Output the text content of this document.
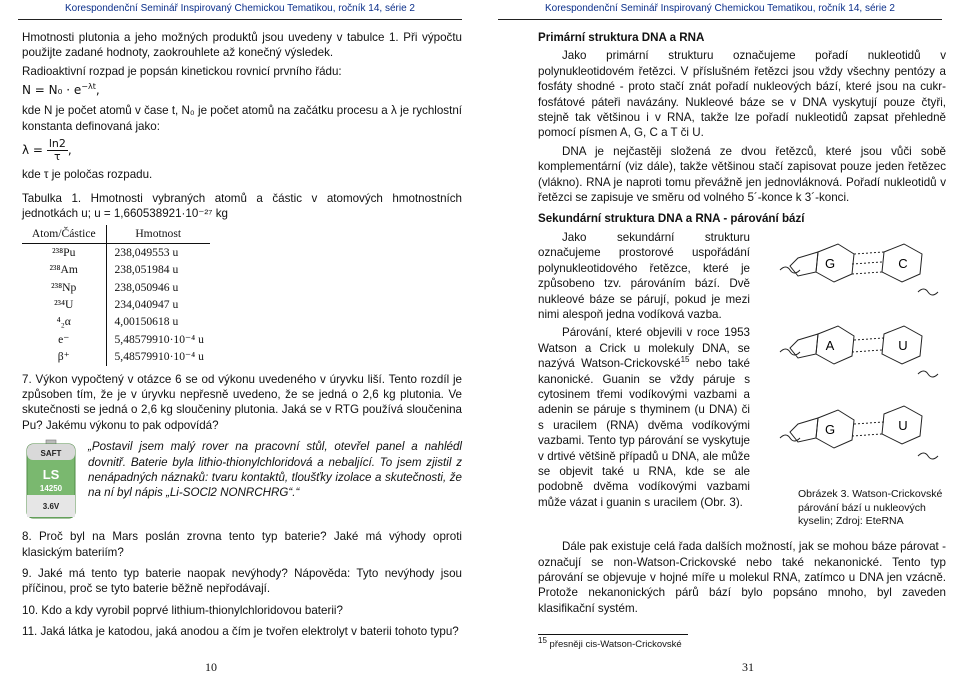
Korespondenční Seminář Inspirovaný Chemickou Tematikou, ročník 14, série 2

Hmotnosti plutonia a jeho možných produktů jsou uvedeny v tabulce 1. Při výpočtu použijte zadané hodnoty, zaokrouhlete až konečný výsledek.

Radioaktivní rozpad je popsán kinetickou rovnicí prvního řádu:

$N = N_0 \cdot e^{-\lambda t}$,

kde N je počet atomů v čase t, N₀ je počet atomů na začátku procesu a λ je rychlostní konstanta definovaná jako:

$\lambda = \frac{\ln 2}{\tau}$ ,

kde τ je poločas rozpadu.

Tabulka 1. Hmotnosti vybraných atomů a částic v atomových hmotnostních jednotkách u; u = 1,660538921·10⁻²⁷ kg

Atom/Částice	Hmotnost
²³⁸Pu	238,049553 u
²³⁸Am	238,051984 u
²³⁸Np	238,050946 u
²³⁴U	234,040947 u
⁴₂α	4,00150618 u
e⁻	5,48579910·10⁻⁴ u
β⁺	5,48579910·10⁻⁴ u

7. Výkon vypočtený v otázce 6 se od výkonu uvedeného v úryvku liší. Tento rozdíl je způsoben tím, že je v úryvku nepřesně uvedeno, že se jedná o 2,6 kg plutonia. Ve skutečnosti se jedná o 2,6 kg sloučeniny plutonia. Jaká se v RTG používá sloučenina Pu? Jakému výkonu to pak odpovídá?

SAFT
LS
14250
3.6V
„Postavil jsem malý rover na pracovní stůl, otevřel panel a nahlédl dovnitř. Baterie byla lithio-thionylchloridová a nebaljící. To jsem zjistil z nenápadných náznaků: tvaru kontaktů, tloušťky izolace a skutečnosti, že na ní byl nápis „Li-SOCl2 NONRCHRG“.“

8. Proč byl na Mars poslán zrovna tento typ baterie? Jaké má výhody oproti klasickým bateriím?

9. Jaké má tento typ baterie naopak nevýhody? Nápověda: Tyto nevýhody jsou příčinou, proč se tyto baterie běžně nepřodávají.

10. Kdo a kdy vyrobil poprvé lithium-thionylchloridovou baterii?

11. Jaká látka je katodou, jaká anodou a čím je tvořen elektrolyt v baterii tohoto typu?

10
Korespondenční Seminář Inspirovaný Chemickou Tematikou, ročník 14, série 2
Primární struktura DNA a RNA

Jako primární strukturu označujeme pořadí nukleotidů v polynukleotidovém řetězci. V příslušném řetězci jsou vždy všechny pentózy a fosfáty shodné - proto stačí znát pořadí nukleových bází, které jsou na cukr-fosfátové páteři navázány. Nukleové báze se v DNA vyskytují pouze čtyři, stejně tak většinou i v RNA, takže lze pořadí nukleotidů zapsat přehledně pomocí písmen A, G, C a T či U.

DNA je nejčastěji složená ze dvou řetězců, které jsou vůči sobě komplementární (viz dále), takže většinou stačí zapisovat pouze jeden řetězec (vlákno). RNA je naproti tomu převážně jen jednovláknová. Pořadí nukleotidů v řetězci se zapisuje ve směru od volného 5´-konce k 3´-konci.

Sekundární struktura DNA a RNA - párování bází

Jako sekundární strukturu označujeme prostorové uspořádání polynukleotidového řetězce, které je způsobeno tzv. párováním bází. Dvě nukleové báze se párují, pokud je mezi nimi alespoň jedna vodíková vazba.

Párování, které objevili v roce 1953 Watson a Crick u molekuly DNA, se nazývá Watson-Crickovské$^{15}$ nebo také kanonické. Guanin se vždy páruje s cytosinem třemi vodíkovými vazbami a adenin se páruje s thyminem (u DNA) či s uracilem (RNA) dvěma vodíkovými vazbami. Tento typ párování se vyskytuje v drtivé většině případů u DNA, ale může se objevit také u RNA, kde se ale podobně dvěma vodíkovými vazbami může vázat i guanin s uracilem (Obr. 3).

G	C
A	U
G	U
Obrázek 3. Watson-Crickovské párování bází u nukleových kyselin; Zdroj: EteRNA

Dále pak existuje celá řada dalších možností, jak se mohou báze párovat - označují se non-Watson-Crickovské nebo také nekanonické. Tento typ párování se objevuje v hojné míře u molekul RNA, zatímco u DNA jen vzácně. Protože nekanonických párů bází bylo popsáno mnoho, byl zaveden klasifikační systém.

$^{15}$ přesněji cis-Watson-Crickovské
31
